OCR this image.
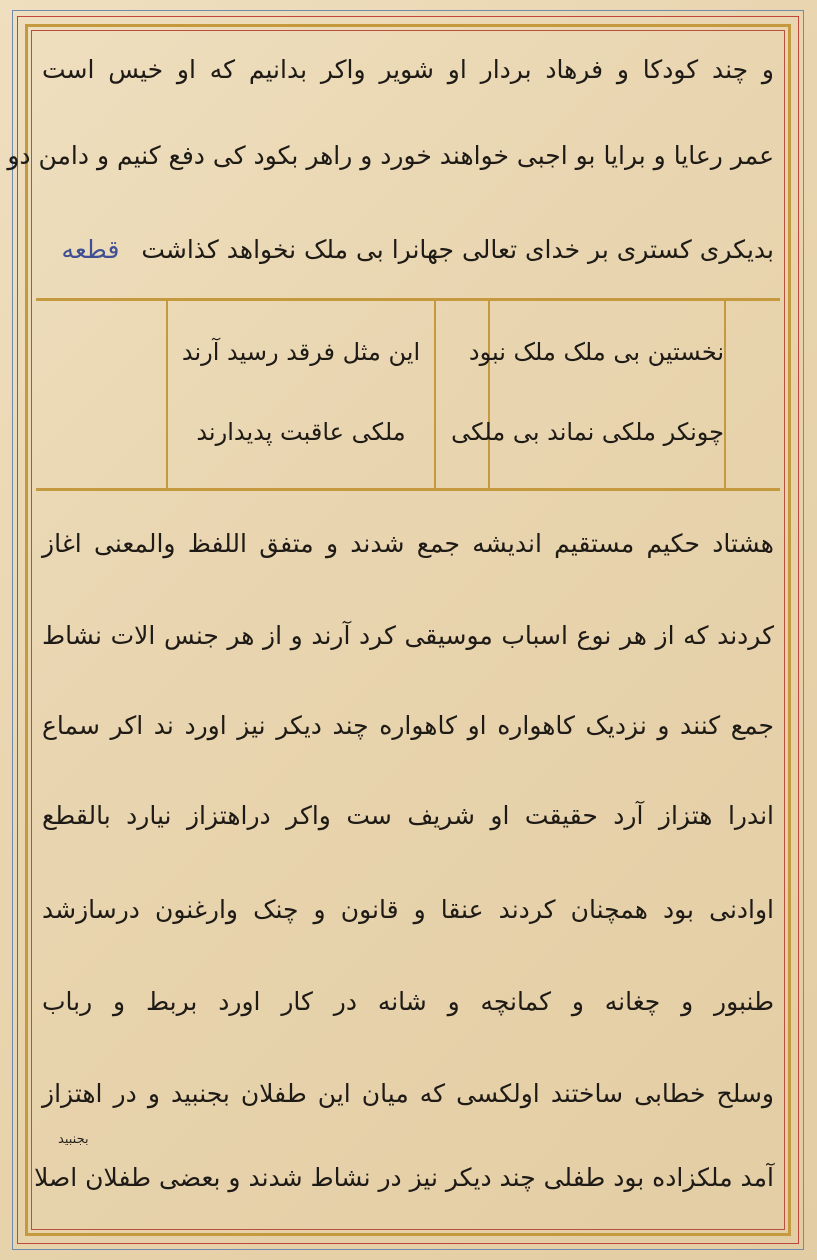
و چند کودکا و فرهاد بردار او شویر واکر بدانیم که او خیس است
عمر رعایا و برایا بو اجبی خواهند خورد و راهر بکود کی دفع کنیم و دامن دو
بدیکری کستری بر خدای تعالی جهانرا بی ملک نخواهد کذاشت قطعه
نخستین بی ملک ملک نبود
چونکر ملکی نماند بی ملکی
این مثل فرقد رسید آرند
ملکی عاقبت پدیدارند
هشتاد حکیم مستقیم اندیشه جمع شدند و متفق اللفظ والمعنی اغاز
کردند که از هر نوع اسباب موسیقی کرد آرند و از هر جنس الات نشاط
جمع کنند و نزدیک کاهواره او کاهواره چند دیکر نیز اورد ند اکر سماع
اندرا هتزاز آرد حقیقت او شریف ست واکر دراهتزاز نیارد بالقطع
اوادنی بود همچنان کردند عنقا و قانون و چنک وارغنون درسازشد
طنبور و چغانه و کمانچه و شانه در کار اورد بربط و رباب
وسلح خطابی ساختند اولکسی که میان این طفلان بجنبید و در اهتزاز
بجنبید
آمد ملکزاده بود طفلی چند دیکر نیز در نشاط شدند و بعضی طفلان اصلا
